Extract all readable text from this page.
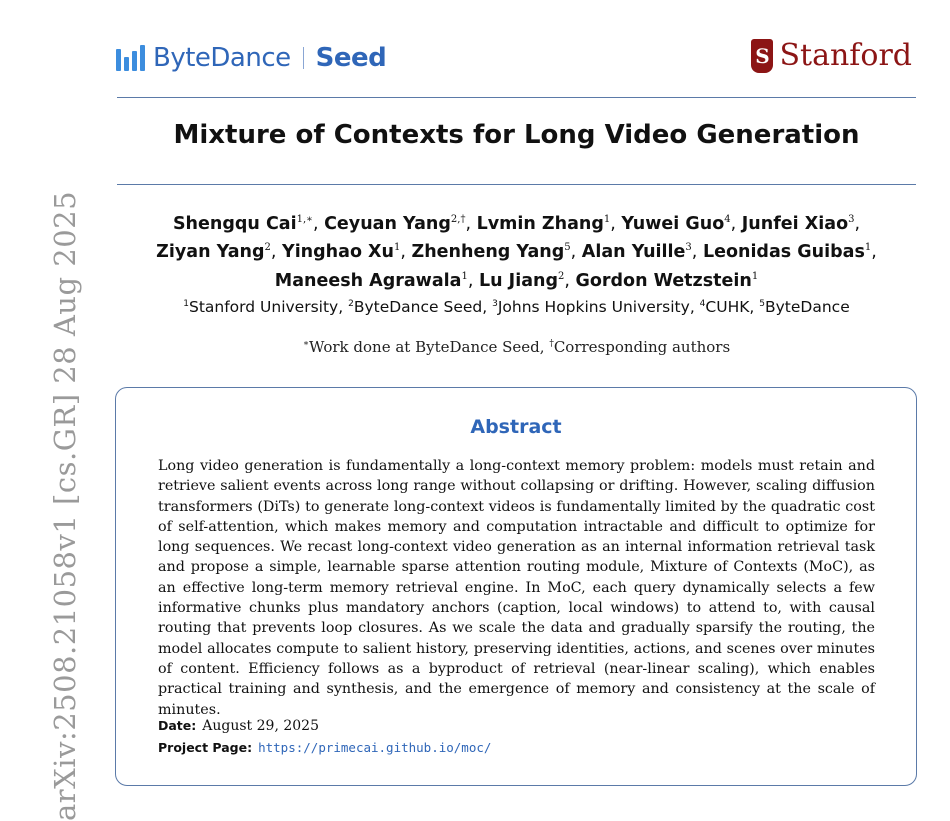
ByteDance Seed	S Stanford
Mixture of Contexts for Long Video Generation
Shengqu Cai$^{1,∗}$, Ceyuan Yang$^{2,\dagger}$, Lvmin Zhang$^1$, Yuwei Guo$^4$, Junfei Xiao$^3$,
Ziyan Yang$^2$, Yinghao Xu$^1$, Zhenheng Yang$^5$, Alan Yuille$^3$, Leonidas Guibas$^1$,
Maneesh Agrawala$^1$, Lu Jiang$^2$, Gordon Wetzstein$^1$
$^1$Stanford University, $^2$ByteDance Seed, $^3$Johns Hopkins University, $^4$CUHK, $^5$ByteDance
∗Work done at ByteDance Seed, †Corresponding authors
Abstract
Long video generation is fundamentally a long-context memory problem: models must retain and retrieve salient events across long range without collapsing or drifting. However, scaling diffusion transformers (DiTs) to generate long-context videos is fundamentally limited by the quadratic cost of self-attention, which makes memory and computation intractable and difficult to optimize for long sequences. We recast long-context video generation as an internal information retrieval task and propose a simple, learnable sparse attention routing module, Mixture of Contexts (MoC), as an effective long-term memory retrieval engine. In MoC, each query dynamically selects a few informative chunks plus mandatory anchors (caption, local windows) to attend to, with causal routing that prevents loop closures. As we scale the data and gradually sparsify the routing, the model allocates compute to salient history, preserving identities, actions, and scenes over minutes of content. Efficiency follows as a byproduct of retrieval (near-linear scaling), which enables practical training and synthesis, and the emergence of memory and consistency at the scale of minutes.
Date: August 29, 2025
Project Page: https://primecai.github.io/moc/
arXiv:2508.21058v1 [cs.GR] 28 Aug 2025
